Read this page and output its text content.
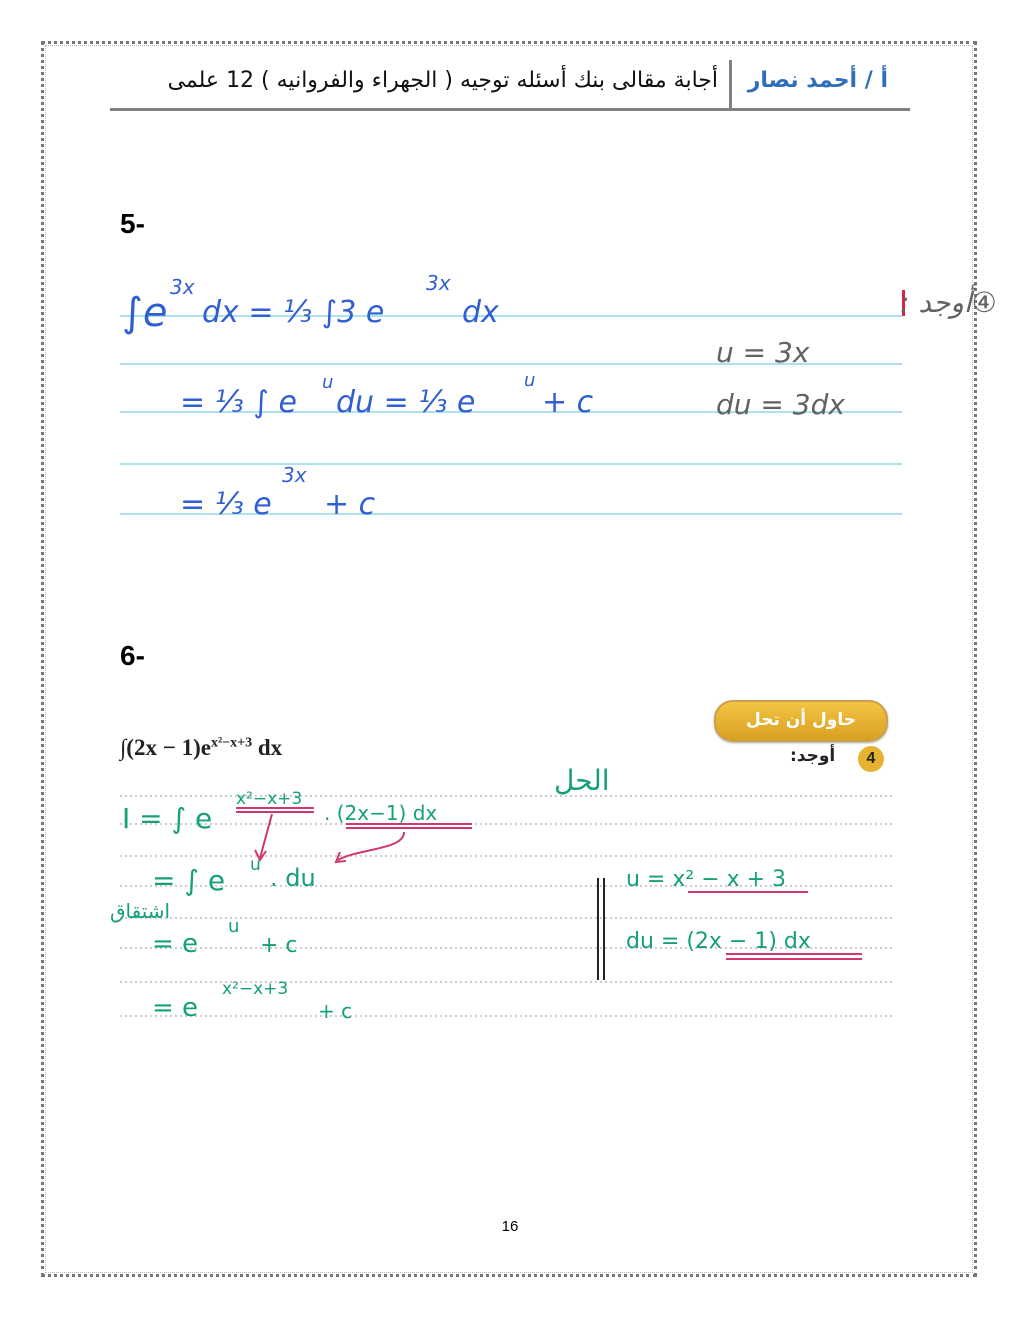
أ / أحمد نصار
أجابة مقالى بنك أسئله توجيه ( الجهراء والفروانيه ) 12 علمى
5-
∫e
3x
dx = ⅓ ∫3 e
3x
dx
= ⅓ ∫ e
u
du = ⅓ e
u
+ c
= ⅓ e
3x
+ c
④أوجد :
u = 3x
du = 3dx
6-
حاول أن تحل
4
أوجد:
$\int(2x - 1)e^{x^2-x+3}$ dx
الحل
I = ∫ e
x²−x+3
. (2x−1) dx
= ∫ e u . du
= e
u
+ c
= e
x²−x+3
+ c
u = x² − x + 3
اشتقاق
du = (2x − 1) dx
16
